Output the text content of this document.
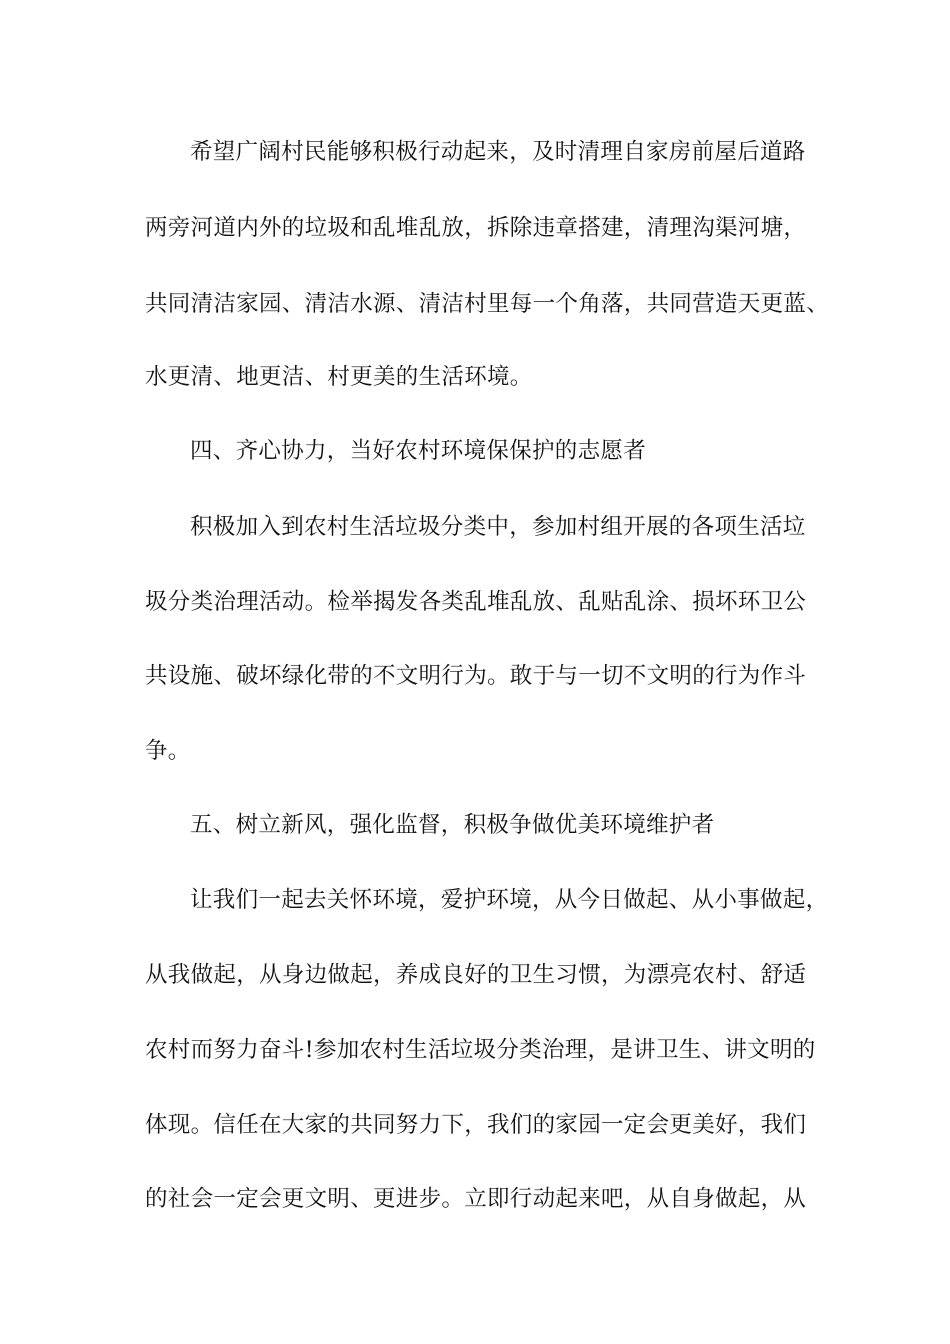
希望广阔村民能够积极行动起来，及时清理自家房前屋后道路
两旁河道内外的垃圾和乱堆乱放，拆除违章搭建，清理沟渠河塘，
共同清洁家园、清洁水源、清洁村里每一个角落，共同营造天更蓝、
水更清、地更洁、村更美的生活环境。
四、齐心协力，当好农村环境保保护的志愿者
积极加入到农村生活垃圾分类中，参加村组开展的各项生活垃
圾分类治理活动。检举揭发各类乱堆乱放、乱贴乱涂、损坏环卫公
共设施、破坏绿化带的不文明行为。敢于与一切不文明的行为作斗
争。
五、树立新风，强化监督，积极争做优美环境维护者
让我们一起去关怀环境，爱护环境，从今日做起、从小事做起，
从我做起，从身边做起，养成良好的卫生习惯，为漂亮农村、舒适
农村而努力奋斗!参加农村生活垃圾分类治理，是讲卫生、讲文明的
体现。信任在大家的共同努力下，我们的家园一定会更美好，我们
的社会一定会更文明、更进步。立即行动起来吧，从自身做起，从
